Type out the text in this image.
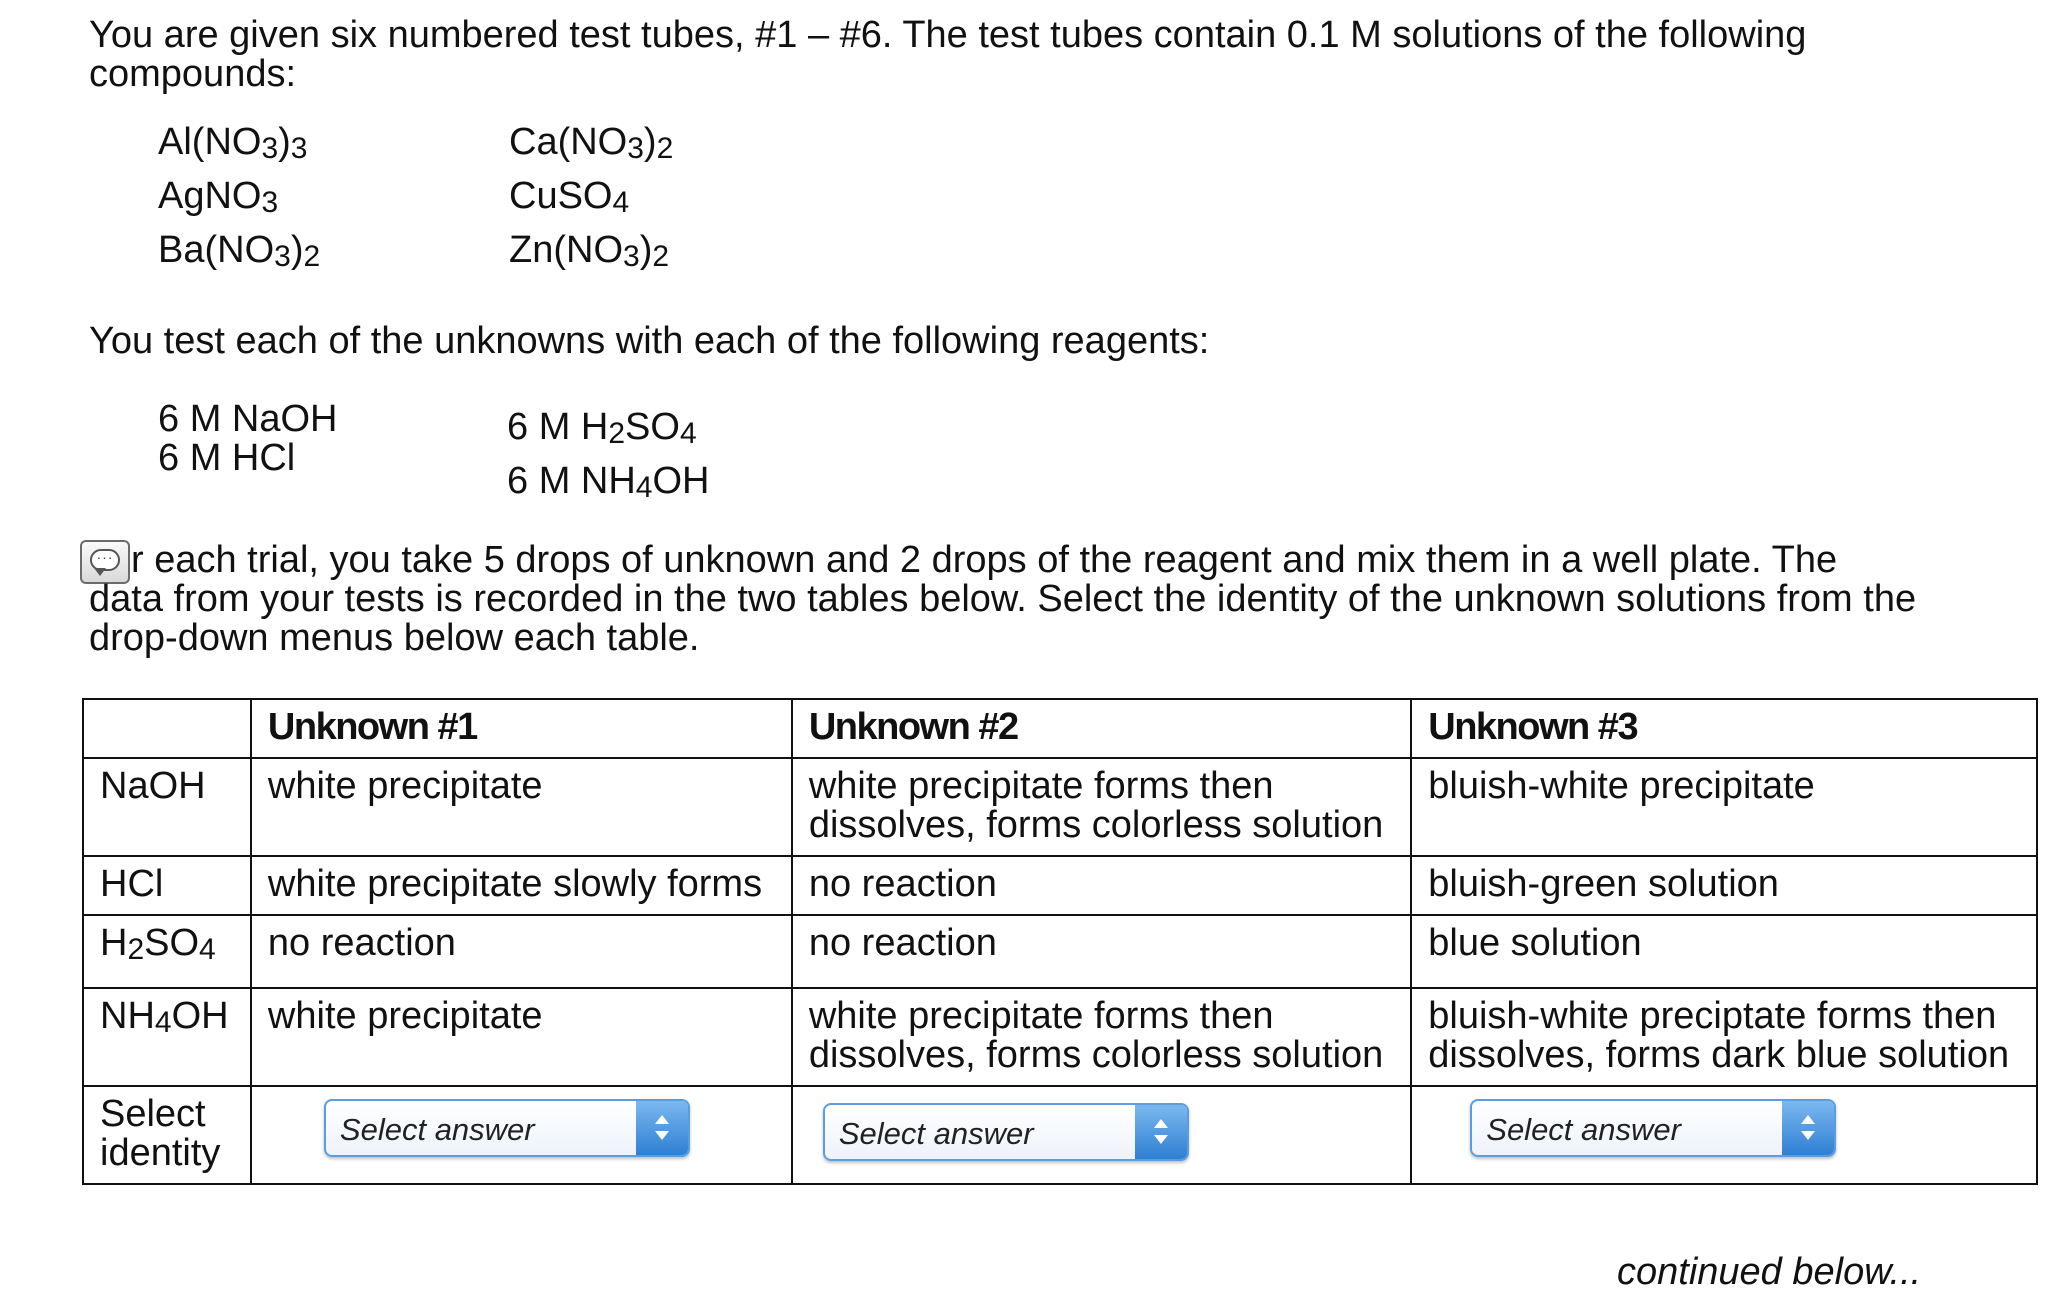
You are given six numbered test tubes, #1 – #6. The test tubes contain 0.1 M solutions of the following compounds:
$Al(NO_3)_3$
AgNO$_3$
$Ba(NO_3)_2$
$Ca(NO_3)_2$
CuSO$_4$
$Zn(NO_3)_2$
You test each of the unknowns with each of the following reagents:
6 M NaOH
6 M HCl
6 M $H_2SO_4$
6 M $NH_4OH$
··· r each trial, you take 5 drops of unknown and 2 drops of the reagent and mix them in a well plate. The
data from your tests is recorded in the two tables below. Select the identity of the unknown solutions from the
drop-down menus below each table.
	Unknown #1	Unknown #2	Unknown #3
NaOH	white precipitate	white precipitate forms then dissolves, forms colorless solution	bluish-white precipitate
HCl	white precipitate slowly forms	no reaction	bluish-green solution
$H_2SO_4$	no reaction	no reaction	blue solution
$NH_4OH$	white precipitate	white precipitate forms then dissolves, forms colorless solution	bluish-white preciptate forms then dissolves, forms dark blue solution
Select identity	Select answer	Select answer	Select answer
continued below...
